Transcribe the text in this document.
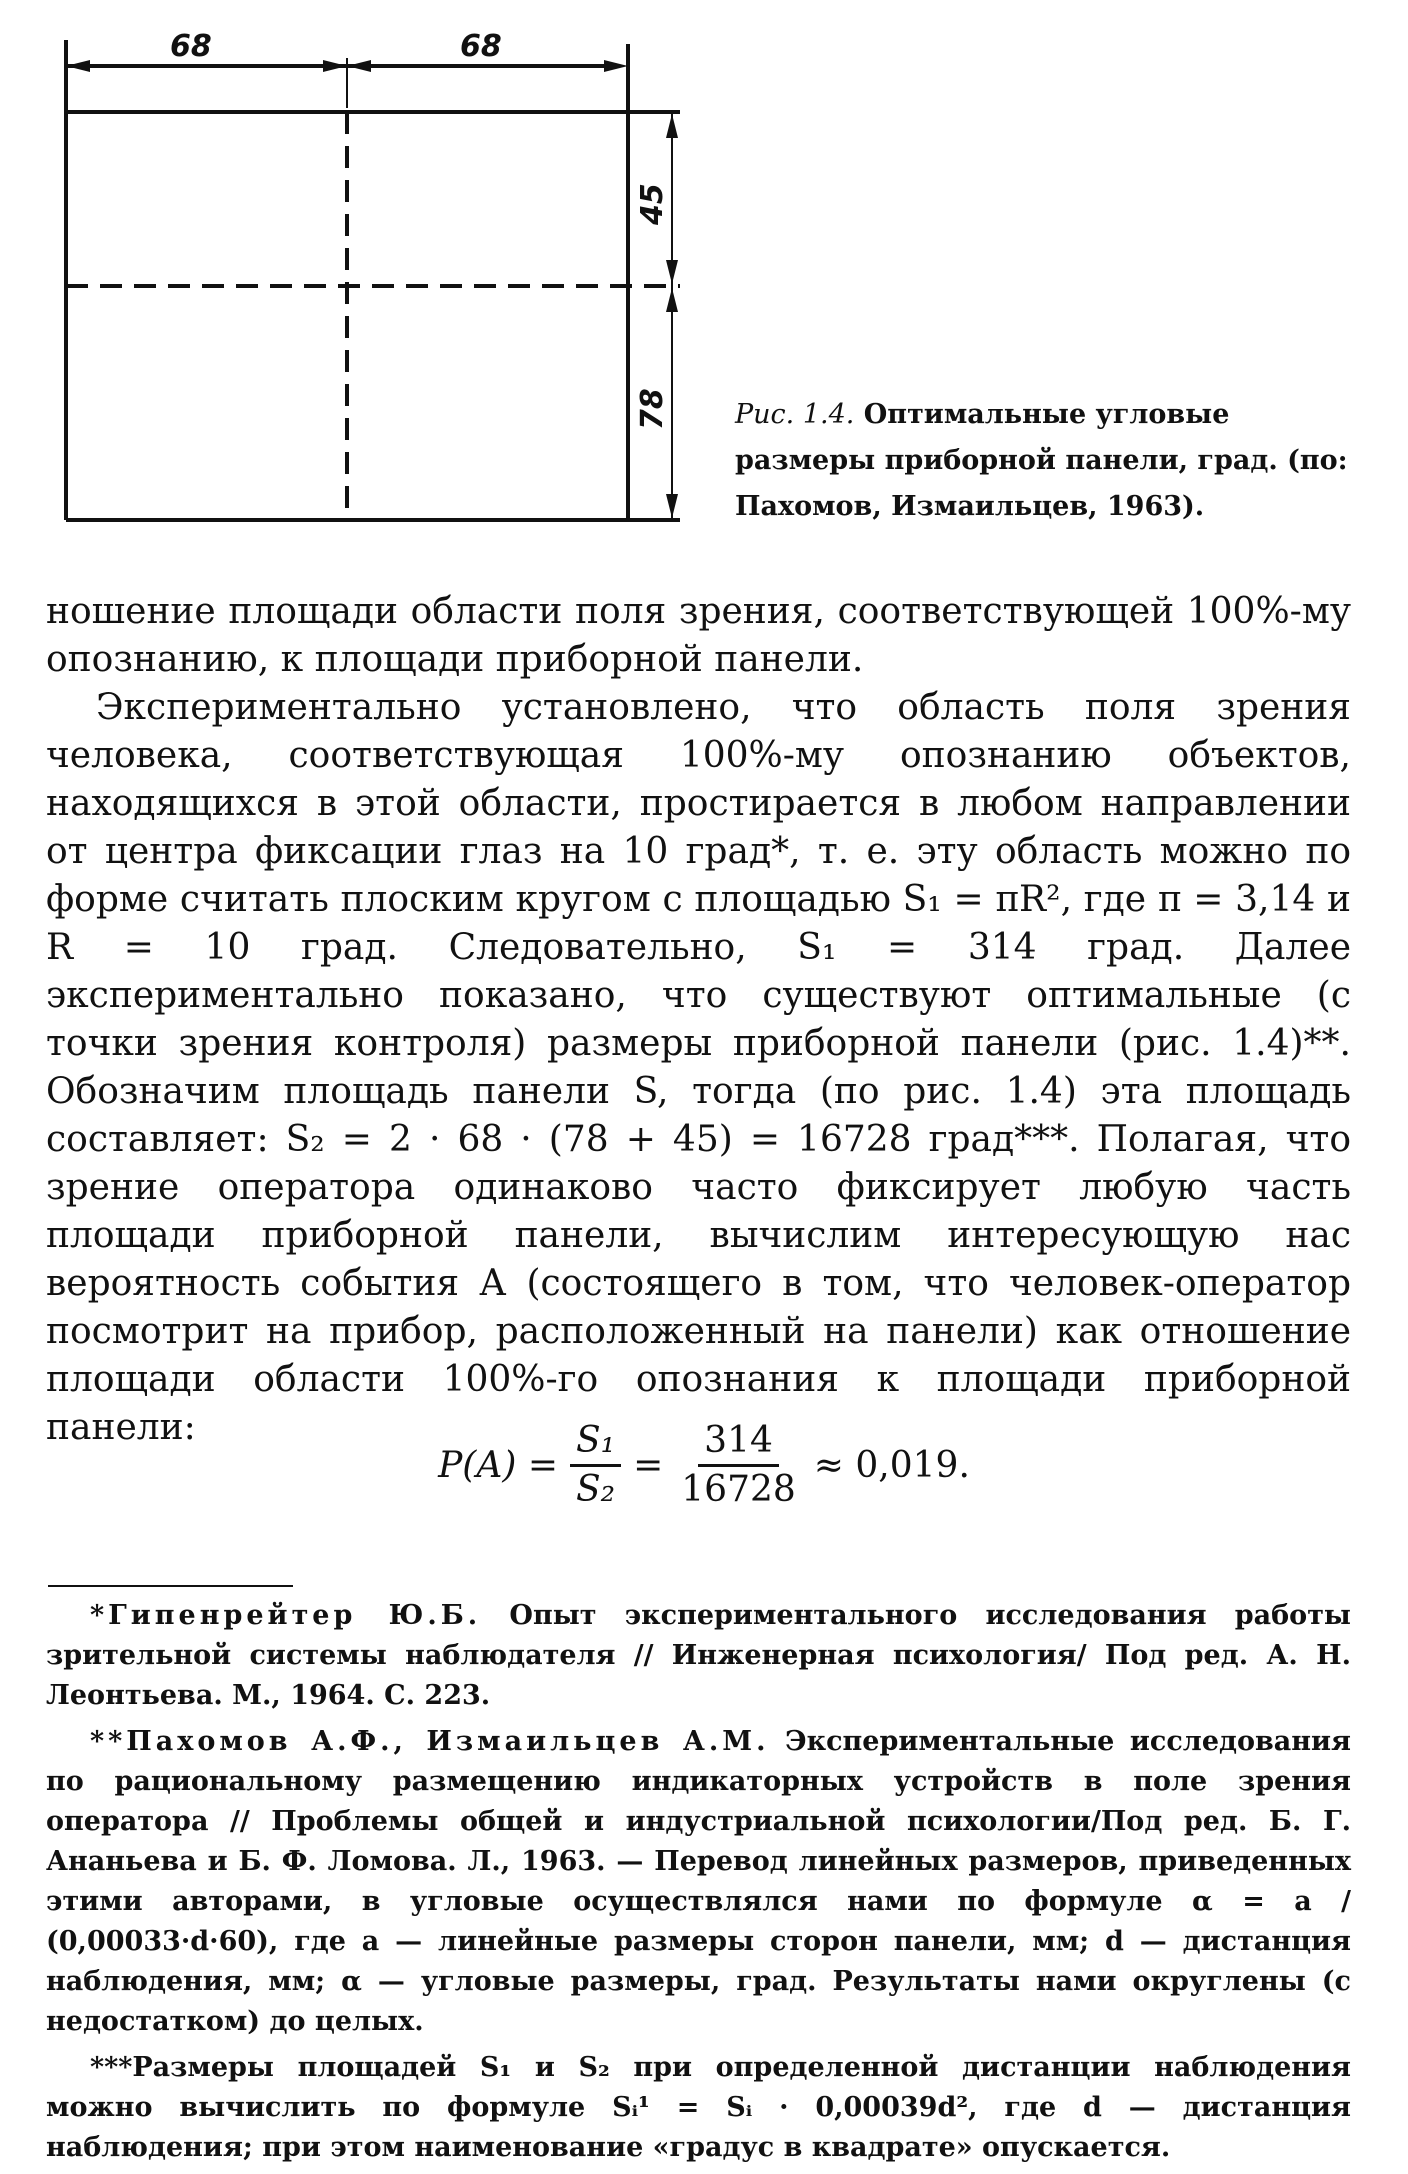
68	68
45
78 Рис. 1.4. Оптимальные угловые размеры приборной панели, град. (по: Пахомов, Измаильцев, 1963).

ношение площади области поля зрения, соответствующей 100%-му опознанию, к площади приборной панели.

Экспериментально установлено, что область поля зрения человека, соответствующая 100%-му опознанию объектов, находящихся в этой области, простирается в любом направлении от центра фиксации глаз на 10 град*, т. е. эту область можно по форме считать плоским кругом с площадью S₁ = πR², где π = 3,14 и R = 10 град. Следовательно, S₁ = 314 град. Далее экспериментально показано, что существуют оптимальные (с точки зрения контроля) размеры приборной панели (рис. 1.4)**. Обозначим площадь панели S, тогда (по рис. 1.4) эта площадь составляет: S₂ = 2 · 68 · (78 + 45) = 16728 град***. Полагая, что зрение оператора одинаково часто фиксирует любую часть площади приборной панели, вычислим интересующую нас вероятность события А (состоящего в том, что человек-оператор посмотрит на прибор, расположенный на панели) как отношение площади области 100%-го опознания к площади приборной панели:

$P(A) = \frac{\text{S₁}}{\text{S₂}} = \frac{314}{16728} \approx 0,019$.

*Гипенрейтер Ю.Б. Опыт экспериментального исследования работы зрительной системы наблюдателя // Инженерная психология/ Под ред. А. Н. Леонтьева. М., 1964. С. 223.

**Пахомов А.Ф., Измаильцев А.М. Экспериментальные исследования по рациональному размещению индикаторных устройств в поле зрения оператора // Проблемы общей и индустриальной психологии/Под ред. Б. Г. Ананьева и Б. Ф. Ломова. Л., 1963. — Перевод линейных размеров, приведенных этими авторами, в угловые осуществлялся нами по формуле α = a / (0,00033·d·60), где a — линейные размеры сторон панели, мм; d — дистанция наблюдения, мм; α — угловые размеры, град. Результаты нами округлены (с недостатком) до целых.

***Размеры площадей S₁ и S₂ при определенной дистанции наблюдения можно вычислить по формуле Sᵢ¹ = Sᵢ · 0,00039d², где d — дистанция наблюдения; при этом наименование «градус в квадрате» опускается.
